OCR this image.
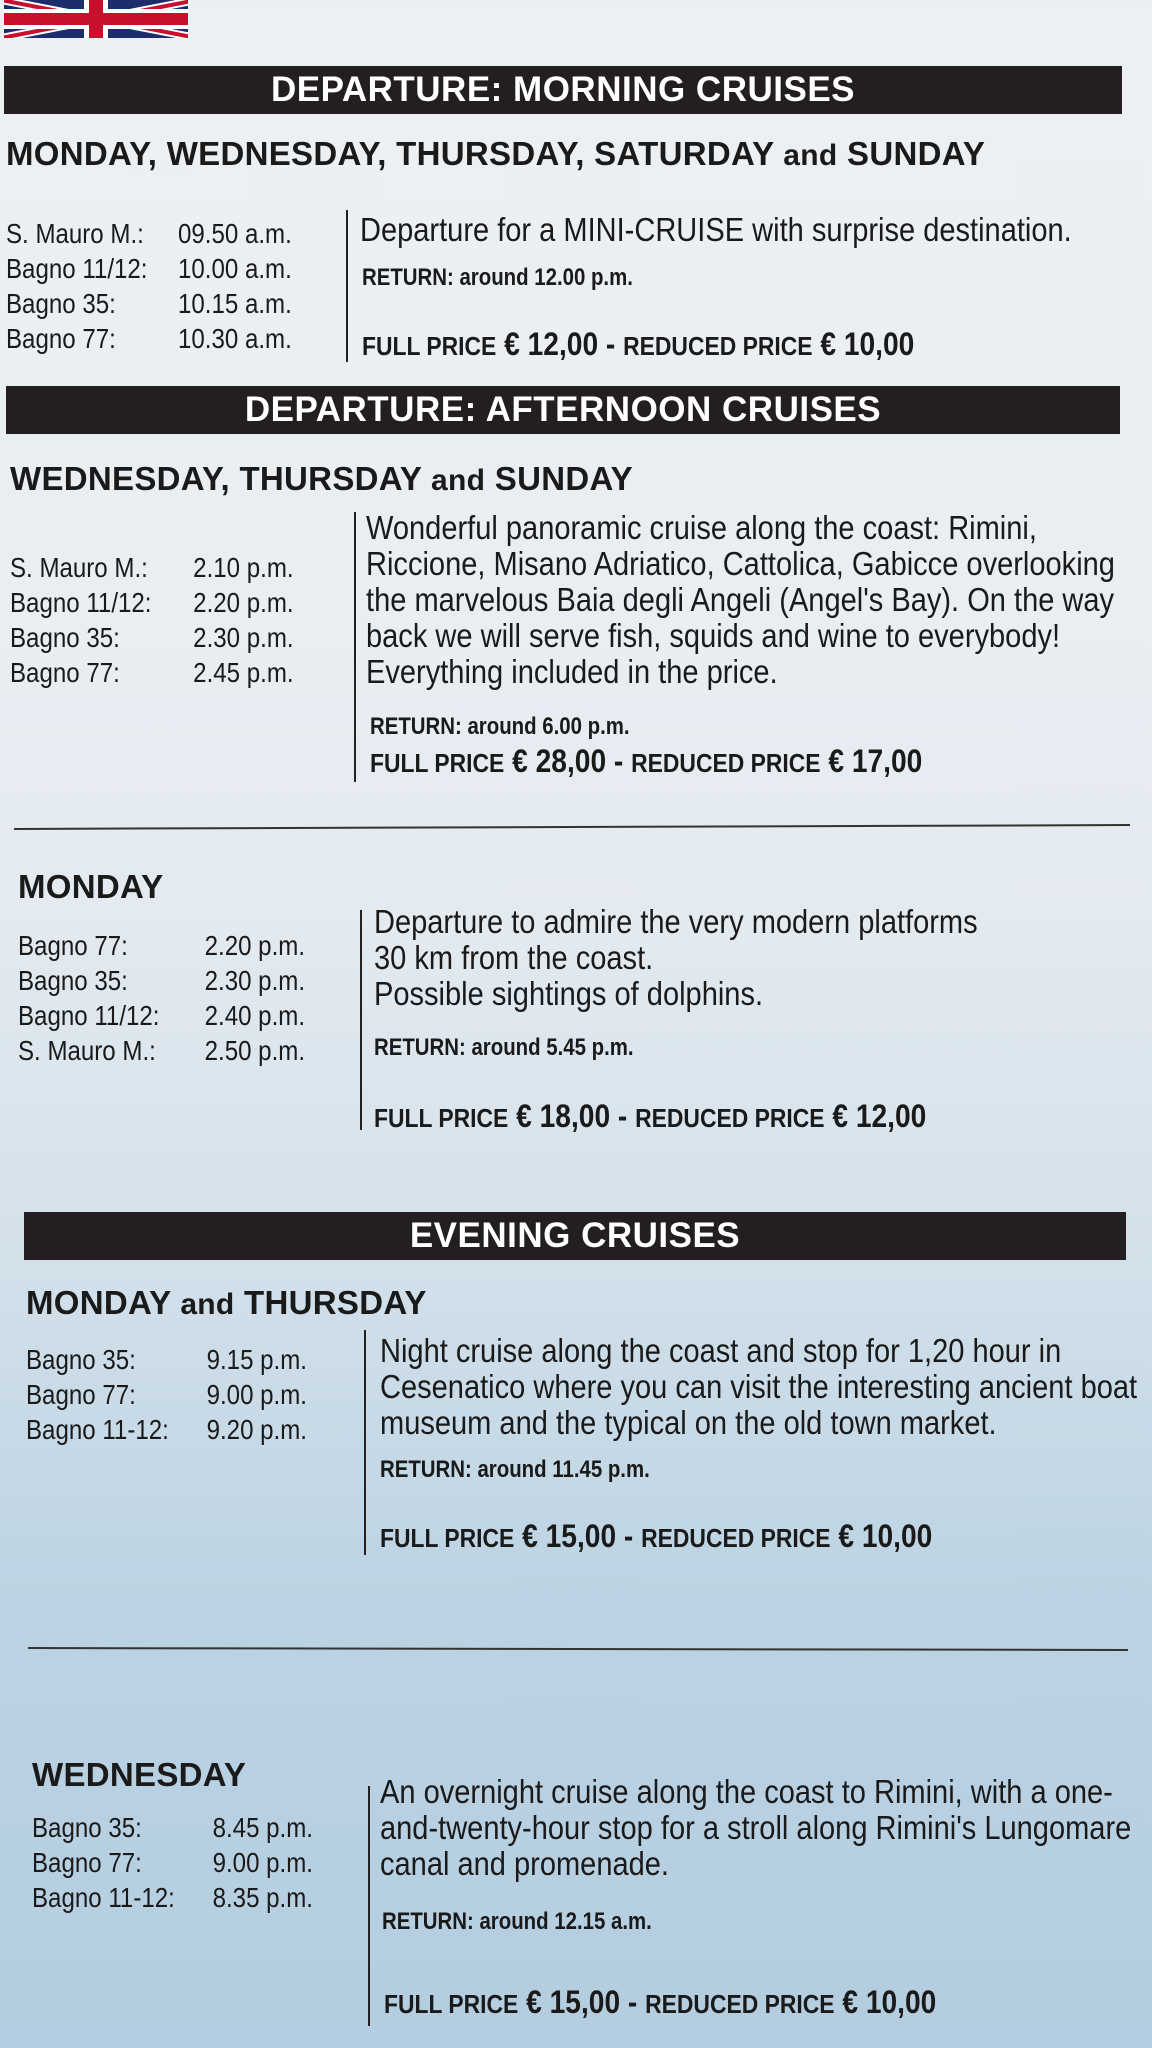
DEPARTURE: MORNING CRUISES
MONDAY, WEDNESDAY, THURSDAY, SATURDAY and SUNDAY
S. Mauro M.: 09.50 a.m.
Bagno 11/12: 10.00 a.m.
Bagno 35: 10.15 a.m.
Bagno 77: 10.30 a.m.
Departure for a MINI-CRUISE with surprise destination.
RETURN: around 12.00 p.m.
FULL PRICE € 12,00 - REDUCED PRICE € 10,00
DEPARTURE: AFTERNOON CRUISES
WEDNESDAY, THURSDAY and SUNDAY
S. Mauro M.: 2.10 p.m.
Bagno 11/12: 2.20 p.m.
Bagno 35:	2.30 p.m.
Bagno 77:	2.45 p.m.
Wonderful panoramic cruise along the coast: Rimini, Riccione, Misano Adriatico, Cattolica, Gabicce overlooking the marvelous Baia degli Angeli (Angel's Bay). On the way back we will serve fish, squids and wine to everybody! Everything included in the price.
RETURN: around 6.00 p.m.
FULL PRICE € 28,00 - REDUCED PRICE € 17,00
MONDAY
Bagno 77:	2.20 p.m.
Bagno 35:	2.30 p.m.
Bagno 11/12: 2.40 p.m.
S. Mauro M.: 2.50 p.m.
Departure to admire the very modern platforms
30 km from the coast.
Possible sightings of dolphins.
RETURN: around 5.45 p.m.
FULL PRICE € 18,00 - REDUCED PRICE € 12,00
EVENING CRUISES
MONDAY and THURSDAY
Bagno 35:	9.15 p.m.
Bagno 77:	9.00 p.m.
Bagno 11-12: 9.20 p.m.
Night cruise along the coast and stop for 1,20 hour in Cesenatico where you can visit the interesting ancient boat museum and the typical on the old town market.
RETURN: around 11.45 p.m.
FULL PRICE € 15,00 - REDUCED PRICE € 10,00
WEDNESDAY
Bagno 35:	8.45 p.m.
Bagno 77:	9.00 p.m.
Bagno 11-12: 8.35 p.m.
An overnight cruise along the coast to Rimini, with a one-and-twenty-hour stop for a stroll along Rimini's Lungomare canal and promenade.
RETURN: around 12.15 a.m.
FULL PRICE € 15,00 - REDUCED PRICE € 10,00
